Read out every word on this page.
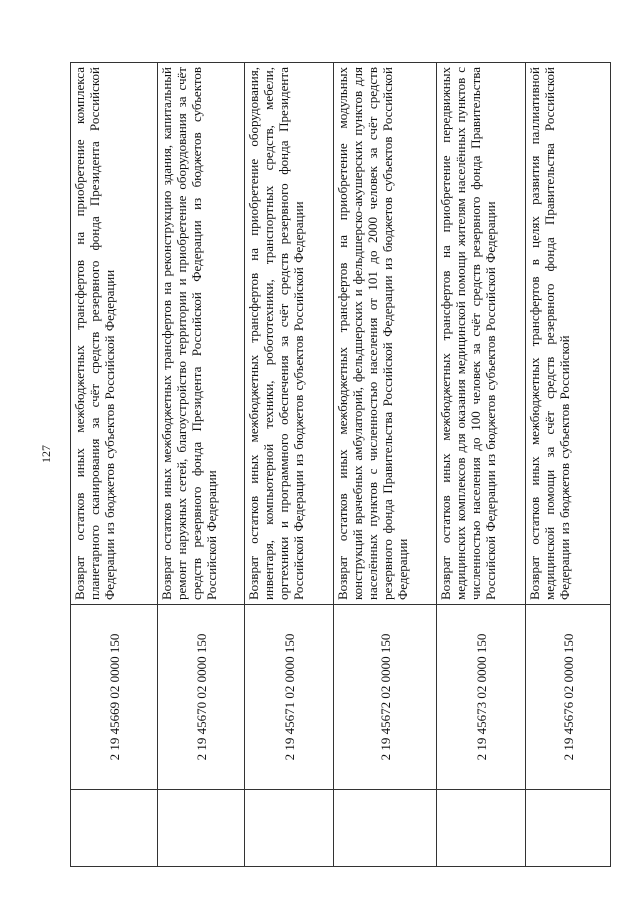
127
	2 19 45669 02 0000 150	Возврат остатков иных межбюджетных трансфертов на приобретение комплекса планетарного сканирования за счёт средств резервного фонда Президента Российской Федерации из бюджетов субъектов Российской Федерации
	2 19 45670 02 0000 150	Возврат остатков иных межбюджетных трансфертов на реконструкцию здания, капитальный ремонт наружных сетей, благоустройство территории и приобретение оборудования за счёт средств резервного фонда Президента Российской Федерации из бюджетов субъектов Российской Федерации
	2 19 45671 02 0000 150	Возврат остатков иных межбюджетных трансфертов на приобретение оборудования, инвентаря, компьютерной техники, робототехники, транспортных средств, мебели, оргтехники и программного обеспечения за счёт средств резервного фонда Президента Российской Федерации из бюджетов субъектов Российской Федерации
	2 19 45672 02 0000 150	Возврат остатков иных межбюджетных трансфертов на приобретение модульных конструкций врачебных амбулаторий, фельдшерских и фельдшерско-акушерских пунктов для населённых пунктов с численностью населения от 101 до 2000 человек за счёт средств резервного фонда Правительства Российской Федерации из бюджетов субъектов Российской Федерации
	2 19 45673 02 0000 150	Возврат остатков иных межбюджетных трансфертов на приобретение передвижных медицинских комплексов для оказания медицинской помощи жителям населённых пунктов с численностью населения до 100 человек за счёт средств резервного фонда Правительства Российской Федерации из бюджетов субъектов Российской Федерации
	2 19 45676 02 0000 150	Возврат остатков иных межбюджетных трансфертов в целях развития паллиативной медицинской помощи за счёт средств резервного фонда Правительства Российской Федерации из бюджетов субъектов Российской
